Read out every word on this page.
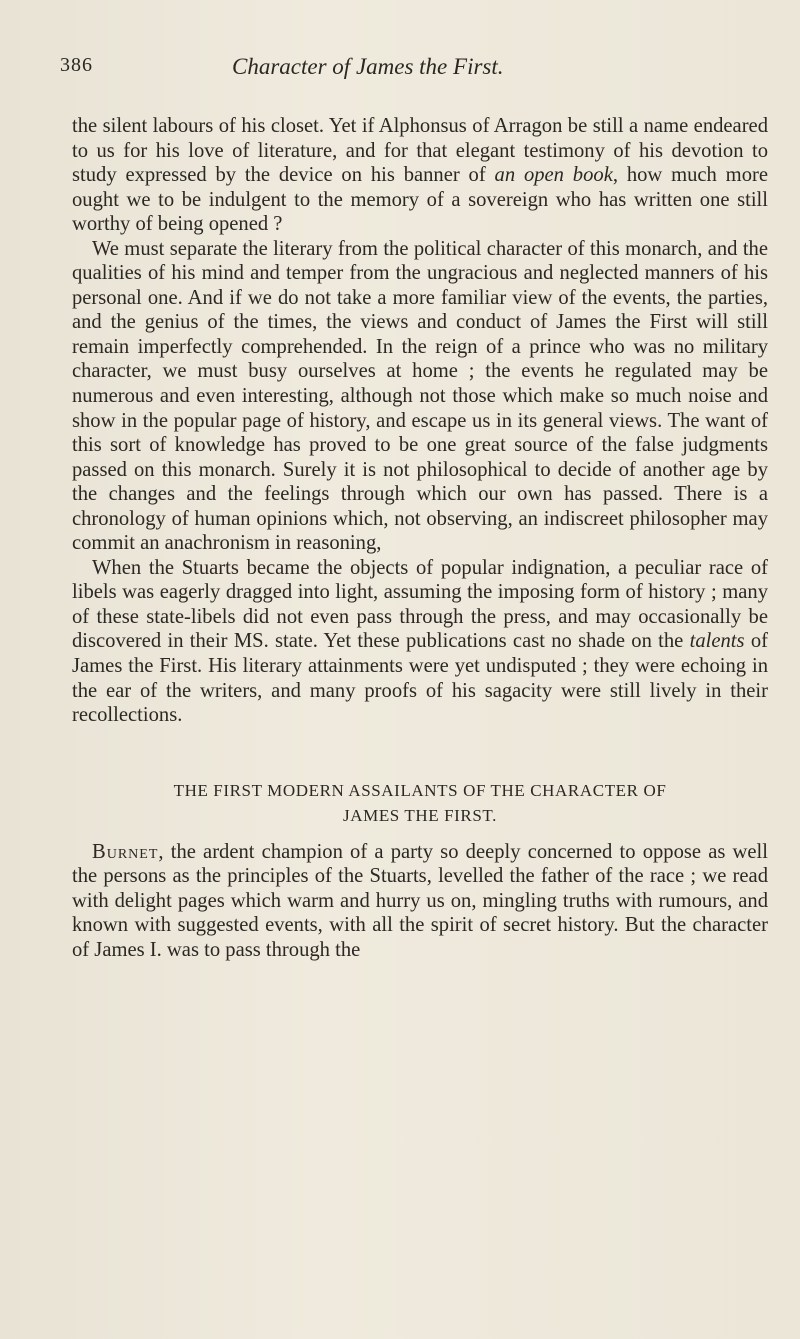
386	Character of James the First.

the silent labours of his closet. Yet if Alphonsus of Arragon be still a name endeared to us for his love of literature, and for that elegant testimony of his devotion to study expressed by the device on his banner of an open book, how much more ought we to be indulgent to the memory of a sovereign who has written one still worthy of being opened ?

We must separate the literary from the political character of this monarch, and the qualities of his mind and temper from the ungracious and neglected manners of his personal one. And if we do not take a more familiar view of the events, the parties, and the genius of the times, the views and conduct of James the First will still remain imperfectly comprehended. In the reign of a prince who was no military character, we must busy ourselves at home ; the events he regulated may be numerous and even interesting, although not those which make so much noise and show in the popular page of history, and escape us in its general views. The want of this sort of knowledge has proved to be one great source of the false judgments passed on this monarch. Surely it is not philosophical to decide of another age by the changes and the feelings through which our own has passed. There is a chronology of human opinions which, not observing, an indiscreet philosopher may commit an anachronism in reasoning,

When the Stuarts became the objects of popular indignation, a peculiar race of libels was eagerly dragged into light, assuming the imposing form of history ; many of these state-libels did not even pass through the press, and may occasionally be discovered in their MS. state. Yet these publications cast no shade on the talents of James the First. His literary attainments were yet undisputed ; they were echoing in the ear of the writers, and many proofs of his sagacity were still lively in their recollections.

THE FIRST MODERN ASSAILANTS OF THE CHARACTER OF
JAMES THE FIRST.

Burnet, the ardent champion of a party so deeply concerned to oppose as well the persons as the principles of the Stuarts, levelled the father of the race ; we read with delight pages which warm and hurry us on, mingling truths with rumours, and known with suggested events, with all the spirit of secret history. But the character of James I. was to pass through the
